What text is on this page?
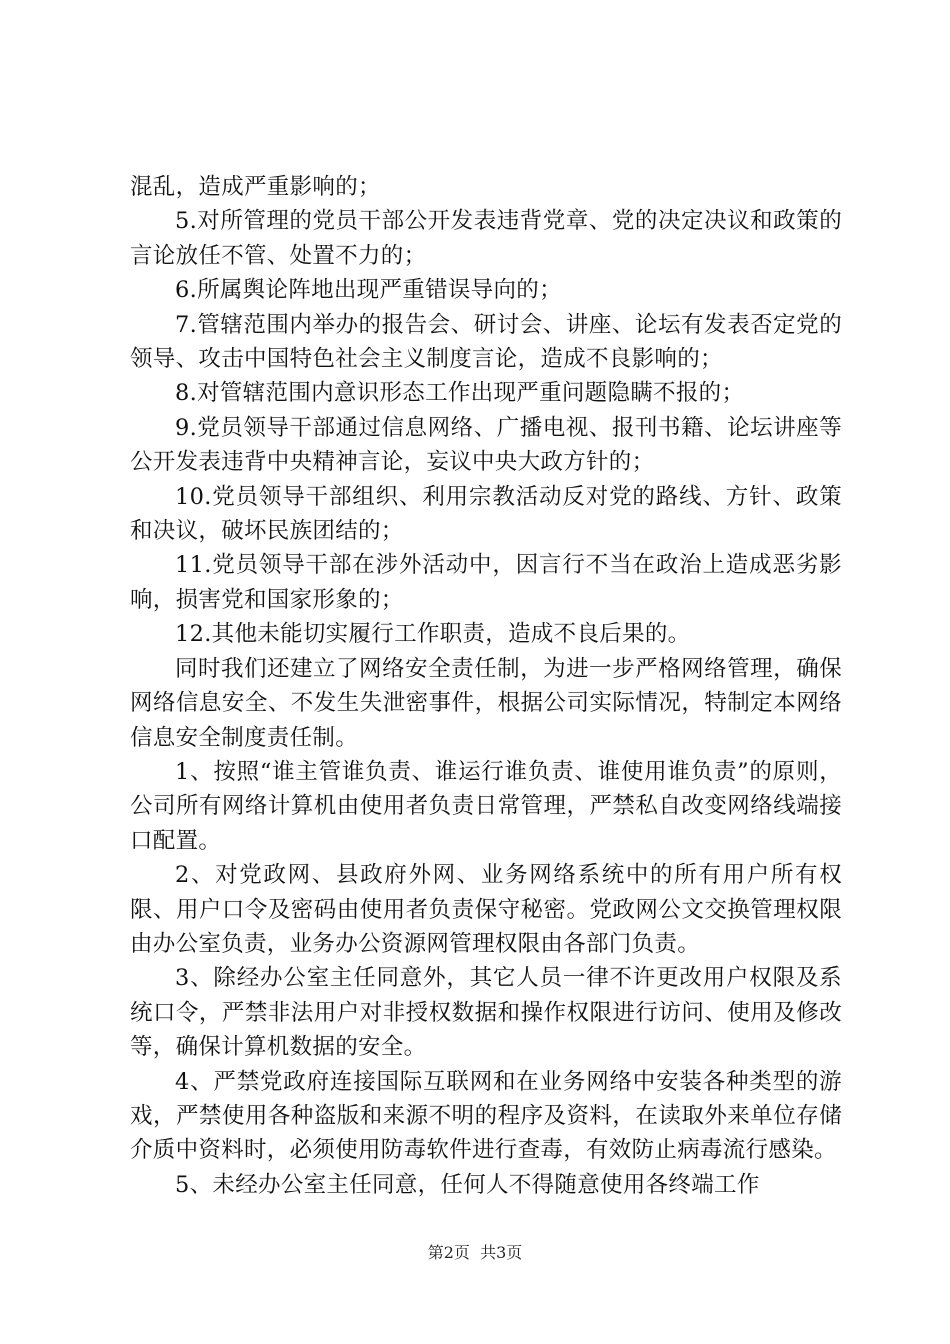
混乱，造成严重影响的；

5.对所管理的党员干部公开发表违背党章、党的决定决议和政策的言论放任不管、处置不力的；

6.所属舆论阵地出现严重错误导向的；

7.管辖范围内举办的报告会、研讨会、讲座、论坛有发表否定党的领导、攻击中国特色社会主义制度言论，造成不良影响的；

8.对管辖范围内意识形态工作出现严重问题隐瞒不报的；

9.党员领导干部通过信息网络、广播电视、报刊书籍、论坛讲座等公开发表违背中央精神言论，妄议中央大政方针的；

10.党员领导干部组织、利用宗教活动反对党的路线、方针、政策和决议，破坏民族团结的；

11.党员领导干部在涉外活动中，因言行不当在政治上造成恶劣影响，损害党和国家形象的；

12.其他未能切实履行工作职责，造成不良后果的。

同时我们还建立了网络安全责任制，为进一步严格网络管理，确保网络信息安全、不发生失泄密事件，根据公司实际情况，特制定本网络信息安全制度责任制。

1、按照“谁主管谁负责、谁运行谁负责、谁使用谁负责”的原则，公司所有网络计算机由使用者负责日常管理，严禁私自改变网络线端接口配置。

2、对党政网、县政府外网、业务网络系统中的所有用户所有权限、用户口令及密码由使用者负责保守秘密。党政网公文交换管理权限由办公室负责，业务办公资源网管理权限由各部门负责。

3、除经办公室主任同意外，其它人员一律不许更改用户权限及系统口令，严禁非法用户对非授权数据和操作权限进行访问、使用及修改等，确保计算机数据的安全。

4、严禁党政府连接国际互联网和在业务网络中安装各种类型的游戏，严禁使用各种盗版和来源不明的程序及资料，在读取外来单位存储介质中资料时，必须使用防毒软件进行查毒，有效防止病毒流行感染。

5、未经办公室主任同意，任何人不得随意使用各终端工作

第2页  共3页
